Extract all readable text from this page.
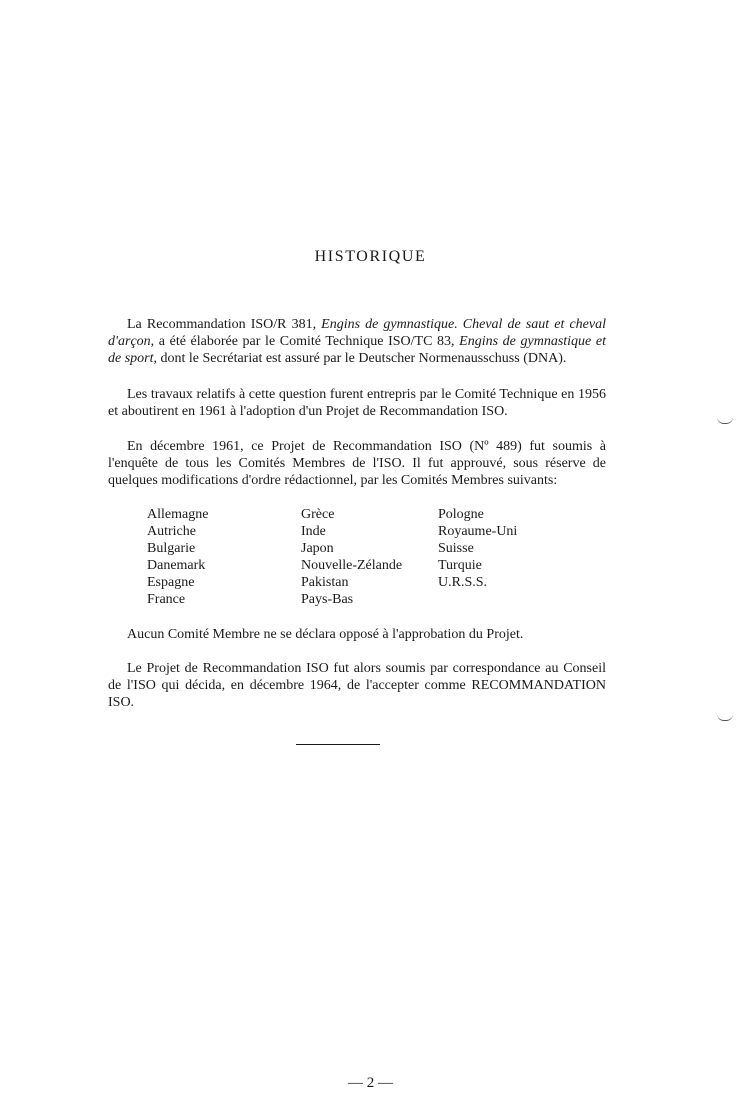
HISTORIQUE

La Recommandation ISO/R 381, Engins de gymnastique. Cheval de saut et cheval d'arçon, a été élaborée par le Comité Technique ISO/TC 83, Engins de gymnastique et de sport, dont le Secrétariat est assuré par le Deutscher Normenausschuss (DNA).

Les travaux relatifs à cette question furent entrepris par le Comité Technique en 1956 et aboutirent en 1961 à l'adoption d'un Projet de Recommandation ISO.

En décembre 1961, ce Projet de Recommandation ISO (Nº 489) fut soumis à l'enquête de tous les Comités Membres de l'ISO. Il fut approuvé, sous réserve de quelques modifications d'ordre rédactionnel, par les Comités Membres suivants:

Allemagne
Autriche
Bulgarie
Danemark
Espagne
France
Grèce
Inde
Japon
Nouvelle-Zélande
Pakistan
Pays-Bas
Pologne
Royaume-Uni
Suisse
Turquie
U.R.S.S.

Aucun Comité Membre ne se déclara opposé à l'approbation du Projet.

Le Projet de Recommandation ISO fut alors soumis par correspondance au Conseil de l'ISO qui décida, en décembre 1964, de l'accepter comme RECOMMANDATION ISO.

— 2 —
